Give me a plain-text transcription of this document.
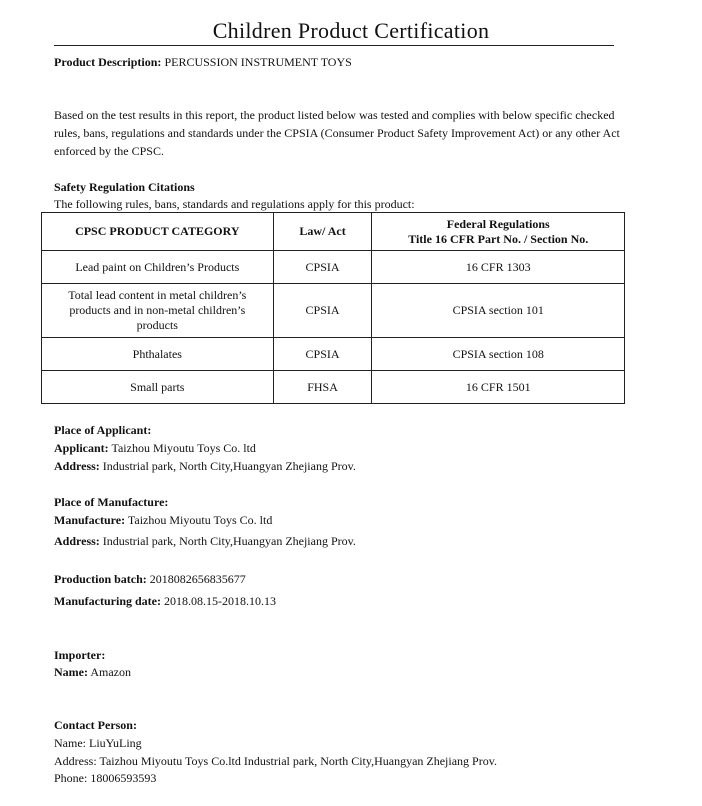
Children Product Certification
Product Description: PERCUSSION INSTRUMENT TOYS

Based on the test results in this report, the product listed below was tested and complies with below specific checked rules, bans, regulations and standards under the CPSIA (Consumer Product Safety Improvement Act) or any other Act enforced by the CPSC.

Safety Regulation Citations
The following rules, bans, standards and regulations apply for this product:
CPSC PRODUCT CATEGORY	Law/ Act	Federal Regulations
Title 16 CFR Part No. / Section No.

Lead paint on Children’s Products	CPSIA	16 CFR 1303
Total lead content in metal children’s products and in non-metal children’s products	CPSIA	CPSIA section 101
Phthalates	CPSIA	CPSIA section 108
Small parts	FHSA	16 CFR 1501
Place of Applicant:
Applicant: Taizhou Miyoutu Toys Co. ltd
Address: Industrial park, North City,Huangyan Zhejiang Prov.
Place of Manufacture:
Manufacture: Taizhou Miyoutu Toys Co. ltd
Address: Industrial park, North City,Huangyan Zhejiang Prov.
Production batch: 2018082656835677
Manufacturing date: 2018.08.15-2018.10.13
Importer:
Name: Amazon
Contact Person:
Name: LiuYuLing
Address: Taizhou Miyoutu Toys Co.ltd Industrial park, North City,Huangyan Zhejiang Prov.
Phone: 18006593593
